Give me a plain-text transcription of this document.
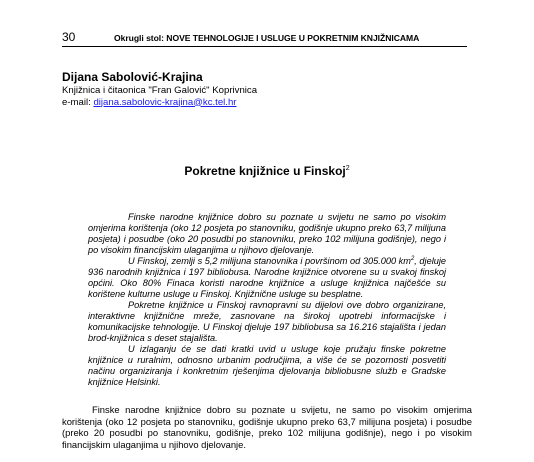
30	Okrugli stol: NOVE TEHNOLOGIJE I USLUGE U POKRETNIM KNJIŽNICAMA

Dijana Sabolović-Krajina

Knjižnica i čitaonica "Fran Galović" Koprivnica

e-mail: dijana.sabolovic-krajina@kc.tel.hr

Pokretne knjižnice u Finskoj$^2$

Finske narodne knjižnice dobro su poznate u svijetu ne samo po visokim omjerima korištenja (oko 12 posjeta po stanovniku, godišnje ukupno preko 63,7 milijuna posjeta) i posudbe (oko 20 posudbi po stanovniku, preko 102 milijuna godišnje), nego i po visokim financijskim ulaganjima u njihovo djelovanje.

U Finskoj, zemlji s 5,2 milijuna stanovnika i površinom od 305.000 $km^2$, djeluje 936 narodnih knjižnica i 197 bibliobusa. Narodne knjižnice otvorene su u svakoj finskoj općini. Oko 80% Finaca koristi narodne knjižnice a usluge knjižnica najčešće su korištene kulturne usluge u Finskoj. Knjižnične usluge su besplatne.

Pokretne knjižnice u Finskoj ravnopravni su dijelovi ove dobro organizirane, interaktivne knjižnične mreže, zasnovane na širokoj upotrebi informacijske i komunikacijske tehnologije. U Finskoj djeluje 197 bibliobusa sa 16.216 stajališta i jedan brod-knjižnica s deset stajališta.

U izlaganju će se dati kratki uvid u usluge koje pružaju finske pokretne knjižnice u ruralnim, odnosno urbanim područjima, a više će se pozornosti posvetiti načinu organiziranja i konkretnim rješenjima djelovanja bibliobusne služb e Gradske knjižnice Helsinki.

Finske narodne knjižnice dobro su poznate u svijetu, ne samo po visokim omjerima korištenja (oko 12 posjeta po stanovniku, godišnje ukupno preko 63,7 milijuna posjeta) i posudbe (preko 20 posudbi po stanovniku, godišnje, preko 102 milijuna godišnje), nego i po visokim financijskim ulaganjima u njihovo djelovanje.
